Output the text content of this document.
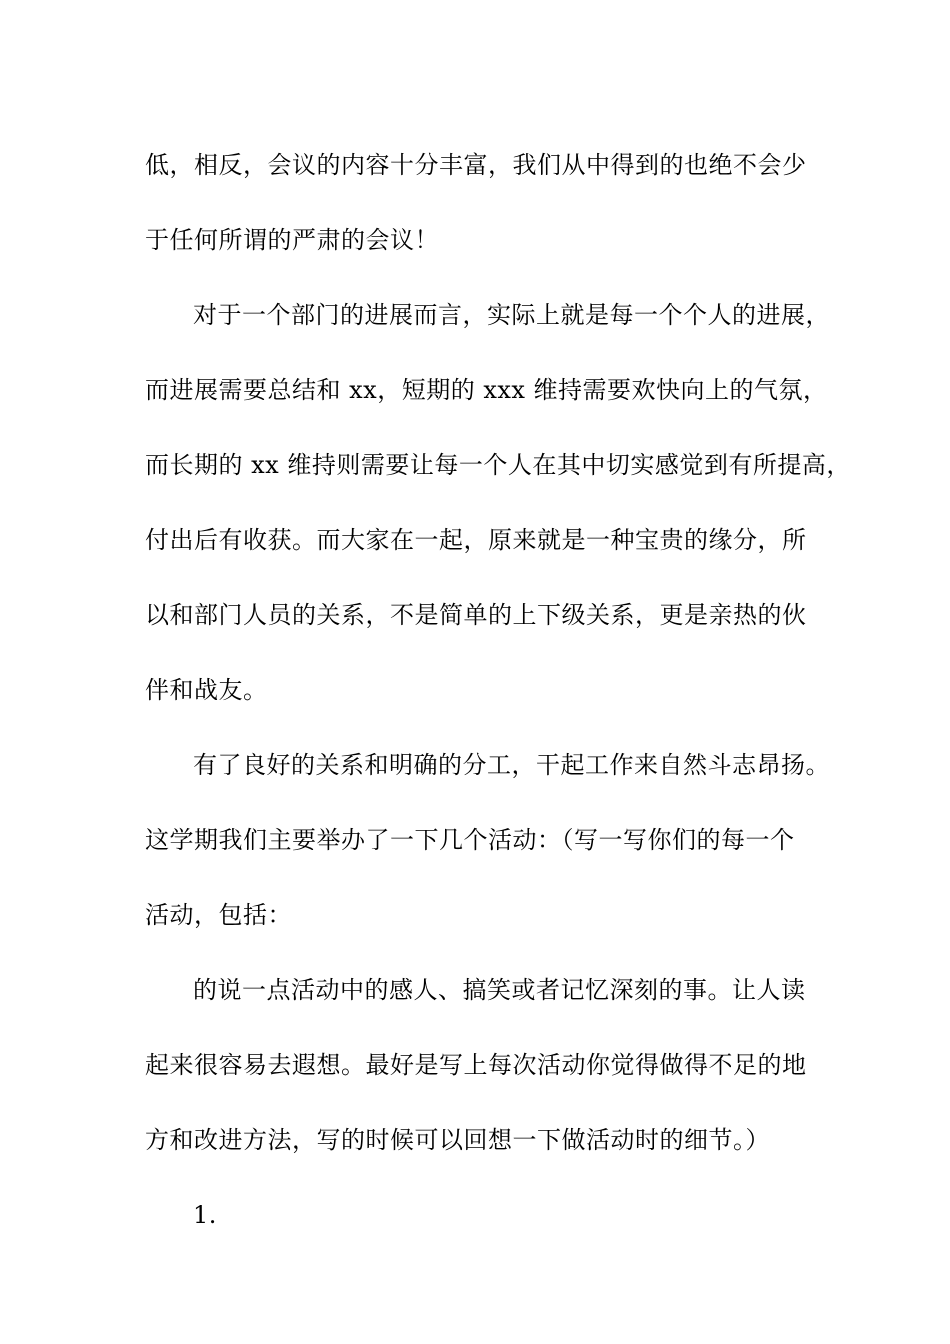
低，相反，会议的内容十分丰富，我们从中得到的也绝不会少
于任何所谓的严肃的会议！
对于一个部门的进展而言，实际上就是每一个个人的进展，
而进展需要总结和 xx，短期的 xxx 维持需要欢快向上的气氛，
而长期的 xx 维持则需要让每一个人在其中切实感觉到有所提高，
付出后有收获。而大家在一起，原来就是一种宝贵的缘分，所
以和部门人员的关系，不是简单的上下级关系，更是亲热的伙
伴和战友。
有了良好的关系和明确的分工，干起工作来自然斗志昂扬。
这学期我们主要举办了一下几个活动：（写一写你们的每一个
活动，包括：
的说一点活动中的感人、搞笑或者记忆深刻的事。让人读
起来很容易去遐想。最好是写上每次活动你觉得做得不足的地
方和改进方法，写的时候可以回想一下做活动时的细节。）
1.
